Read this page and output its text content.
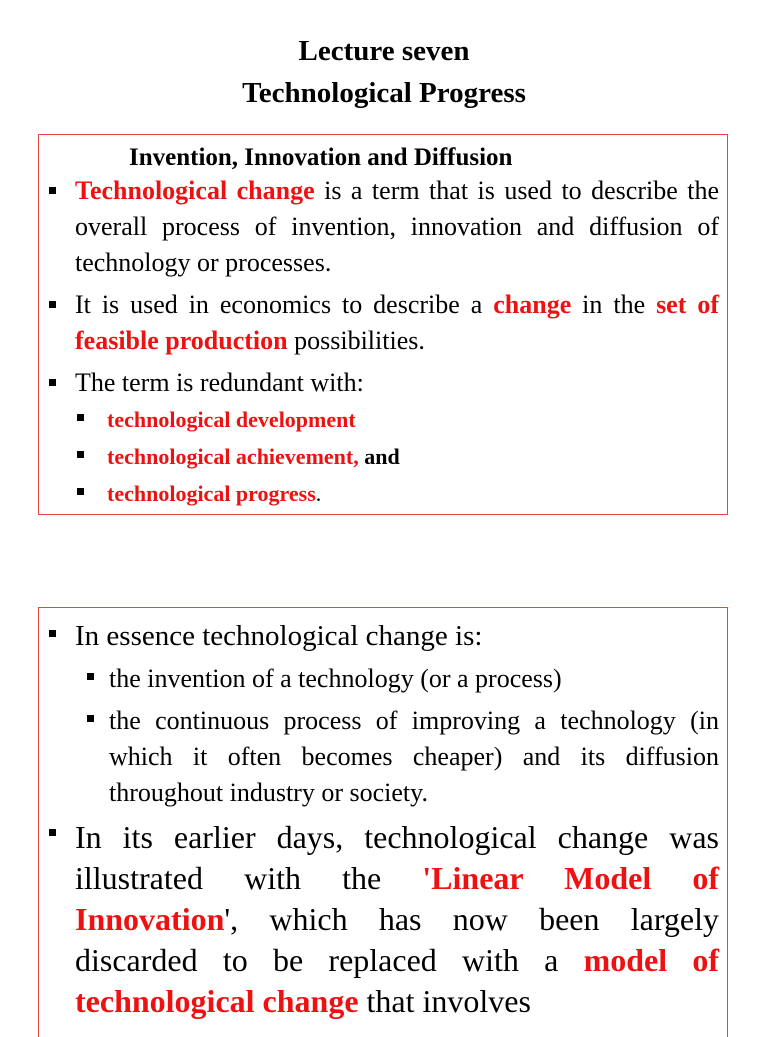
Lecture seven
Technological Progress
Invention, Innovation and Diffusion
Technological change is a term that is used to describe the overall process of invention, innovation and diffusion of technology or processes.
It is used in economics to describe a change in the set of feasible production possibilities.
The term is redundant with:
technological development
technological achievement, and
technological progress.
In essence technological change is:
the invention of a technology (or a process)
the continuous process of improving a technology (in which it often becomes cheaper) and its diffusion throughout industry or society.
In its earlier days, technological change was illustrated with the 'Linear Model of Innovation', which has now been largely discarded to be replaced with a model of technological change that involves
